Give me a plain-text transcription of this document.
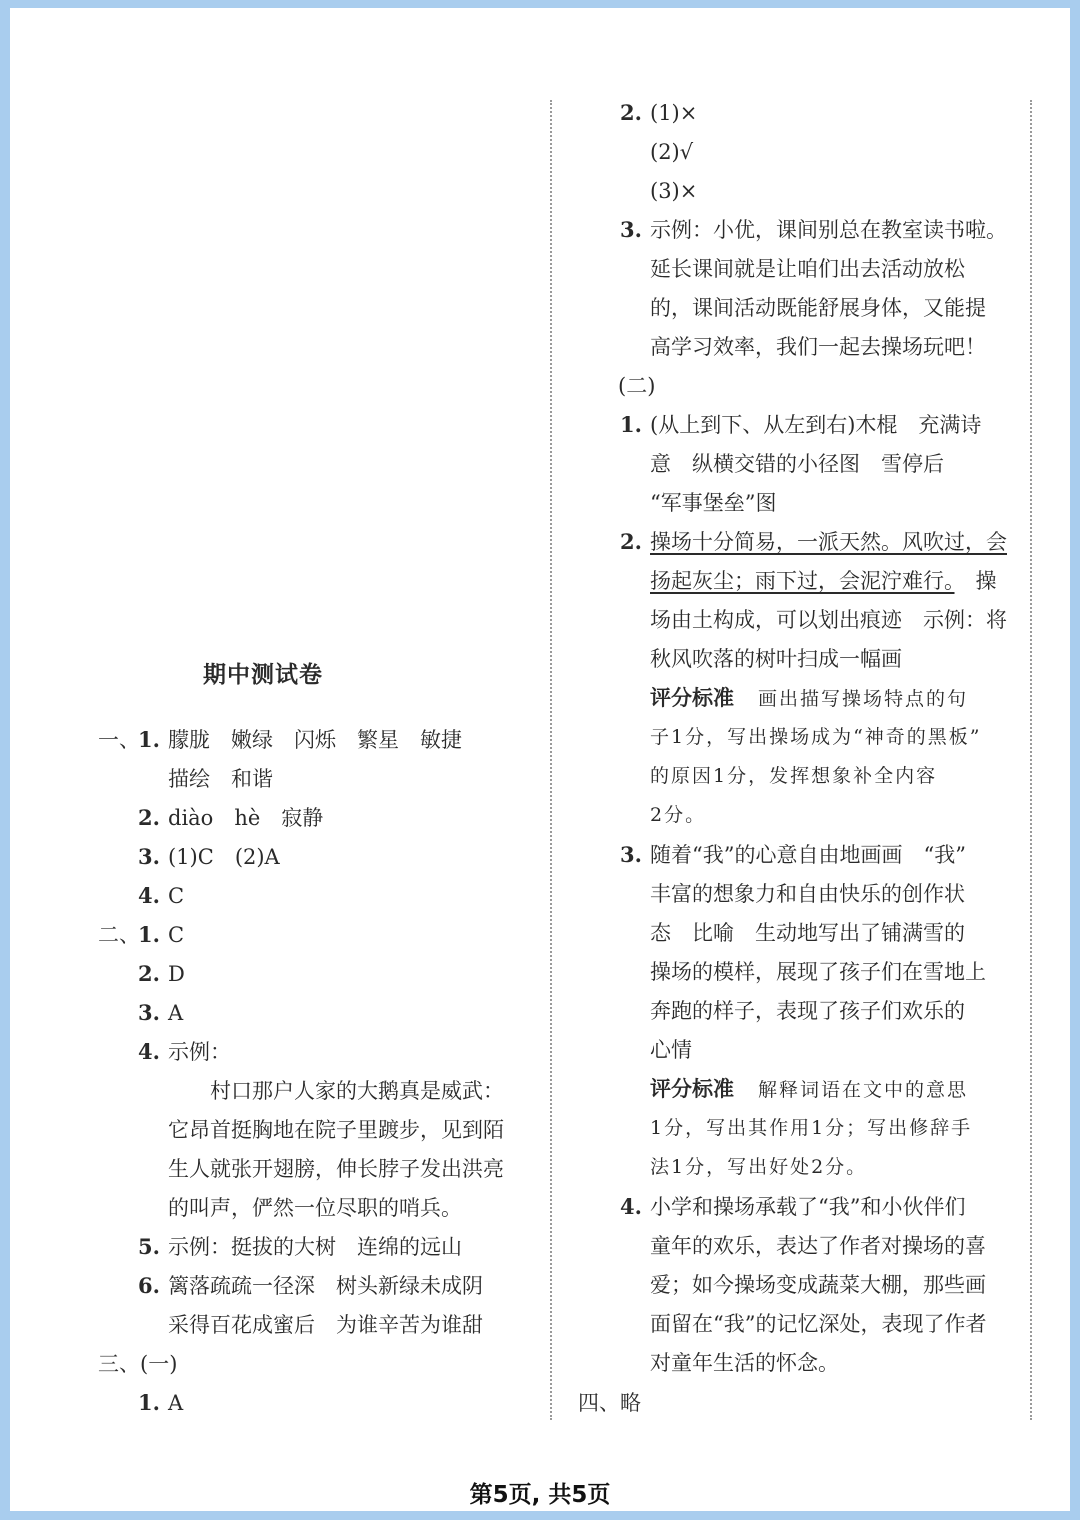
期中测试卷
一、
1. 朦胧　嫩绿　闪烁　繁星　敏捷
描绘　和谐
2. diào　hè　寂静
3. (1)C　(2)A
4. C
二、
1. C
2. D
3. A
4. 示例：
　　村口那户人家的大鹅真是威武：
它昂首挺胸地在院子里踱步，见到陌
生人就张开翅膀，伸长脖子发出洪亮
的叫声，俨然一位尽职的哨兵。
5. 示例：挺拔的大树　连绵的远山
6. 篱落疏疏一径深　树头新绿未成阴
采得百花成蜜后　为谁辛苦为谁甜
三、(一)
1. A
2. (1)×
(2)√
(3)×
3. 示例：小优，课间别总在教室读书啦。
延长课间就是让咱们出去活动放松
的，课间活动既能舒展身体，又能提
高学习效率，我们一起去操场玩吧！
(二)
1. (从上到下、从左到右)木棍　充满诗
意　纵横交错的小径图　雪停后
“军事堡垒”图
2. 操场十分简易，一派天然。风吹过，会
扬起灰尘；雨下过，会泥泞难行。　操
场由土构成，可以划出痕迹　示例：将
秋风吹落的树叶扫成一幅画
评分标准 画出描写操场特点的句
子1分，写出操场成为“神奇的黑板”
的原因1分，发挥想象补全内容
2分。
3. 随着“我”的心意自由地画画　“我”
丰富的想象力和自由快乐的创作状
态　比喻　生动地写出了铺满雪的
操场的模样，展现了孩子们在雪地上
奔跑的样子，表现了孩子们欢乐的
心情
评分标准 解释词语在文中的意思
1分，写出其作用1分；写出修辞手
法1分，写出好处2分。
4. 小学和操场承载了“我”和小伙伴们
童年的欢乐，表达了作者对操场的喜
爱；如今操场变成蔬菜大棚，那些画
面留在“我”的记忆深处，表现了作者
对童年生活的怀念。
四、略
第5页, 共5页
